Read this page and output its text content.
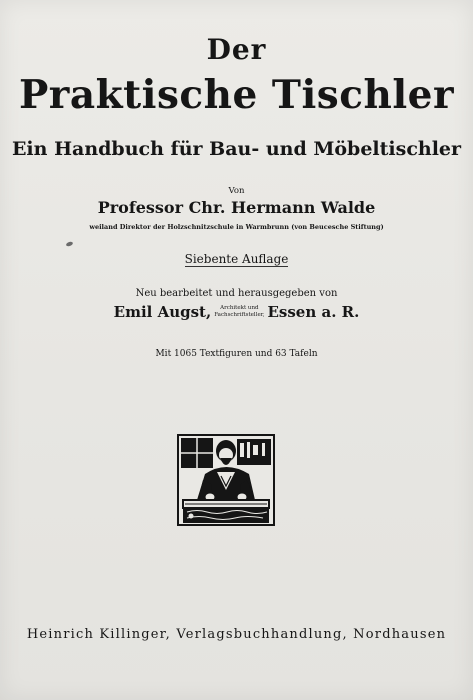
Der
Praktische Tischler
Ein Handbuch für Bau- und Möbeltischler
Von
Professor Chr. Hermann Walde
weiland Direktor der Holzschnitzschule in Warmbrunn (von Beucesche Stiftung)
Siebente Auflage
Neu bearbeitet und herausgegeben von
Emil Augst,	Architekt und
Fachschriftsteller, Essen a. R.
Mit 1065 Textfiguren und 63 Tafeln
Heinrich Killinger, Verlagsbuchhandlung, Nordhausen
